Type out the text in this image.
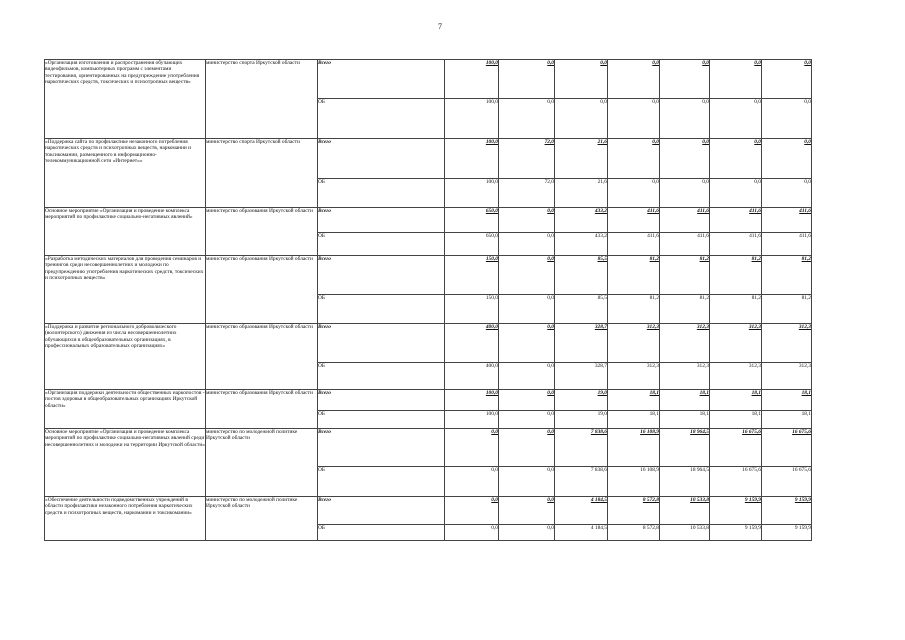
7
«Организация изготовления и распространения обучающих видеофильмов, компьютерных программ с элементами тестирования, ориентированных на предупреждение употребления наркотических средств, токсических и психотропных веществ»	министерство спорта Иркутской области	Всего	100,0	0,0	0,0	0,0	0,0	0,0	0,0
		ОБ	100,0	0,0	0,0	0,0	0,0	0,0	0,0
«Поддержка сайта по профилактике незаконного потребления наркотических средств и психотропных веществ, наркомании и токсикомании, размещенного в информационно-телекоммуникационной сети «Интернет»»	министерство спорта Иркутской области	Всего	100,0	72,0	21,6	0,0	0,0	0,0	0,0
		ОБ	100,0	72,0	21,6	0,0	0,0	0,0	0,0
Основное мероприятие «Организация и проведение комплекса мероприятий по профилактике социально-негативных явлений»	министерство образования Иркутской области	Всего	650,0	0,0	433,2	411,6	411,6	411,6	411,6
		ОБ	650,0	0,0	433,2	411,6	411,6	411,6	411,6
«Разработка методических материалов для проведения семинаров и тренингов среди несовершеннолетних и молодежи по предупреждению употребления наркотических средств, токсических и психотропных веществ»	министерство образования Иркутской области	Всего	150,0	0,0	85,5	81,2	81,2	81,2	81,2
		ОБ	150,0	0,0	85,5	81,2	81,2	81,2	81,2
«Поддержка и развитие регионального добровольческого (волонтерского) движения из числа несовершеннолетних обучающихся в общеобразовательных организациях, в профессиональных образовательных организациях»	министерство образования Иркутской области	Всего	400,0	0,0	328,7	312,3	312,3	312,3	312,3
		ОБ	400,0	0,0	328,7	312,3	312,3	312,3	312,3
«Организация поддержки деятельности общественных наркопостов - постов здоровья в общеобразовательных организациях Иркутской области»	министерство образования Иркутской области	Всего	100,0	0,0	19,0	18,1	18,1	18,1	18,1
		ОБ	100,0	0,0	19,0	18,1	18,1	18,1	18,1
Основное мероприятие «Организация и проведение комплекса мероприятий по профилактике социально-негативных явлений среди несовершеннолетних и молодежи на территории Иркутской области»	министерство по молодежной политике Иркутской области	Всего	0,0	0,0	7 838,6	16 108,9	18 964,5	16 675,6	16 675,6
		ОБ	0,0	0,0	7 838,6	16 108,9	18 964,5	16 675,6	16 675,6
«Обеспечение деятельности подведомственных учреждений в области профилактики незаконного потребления наркотических средств и психотропных веществ, наркомании и токсикомании»	министерство по молодежной политике Иркутской области	Всего	0,0	0,0	4 184,5	8 572,8	10 533,8	9 159,9	9 159,9
		ОБ	0,0	0,0	4 184,5	8 572,8	10 533,8	9 159,9	9 159,9
